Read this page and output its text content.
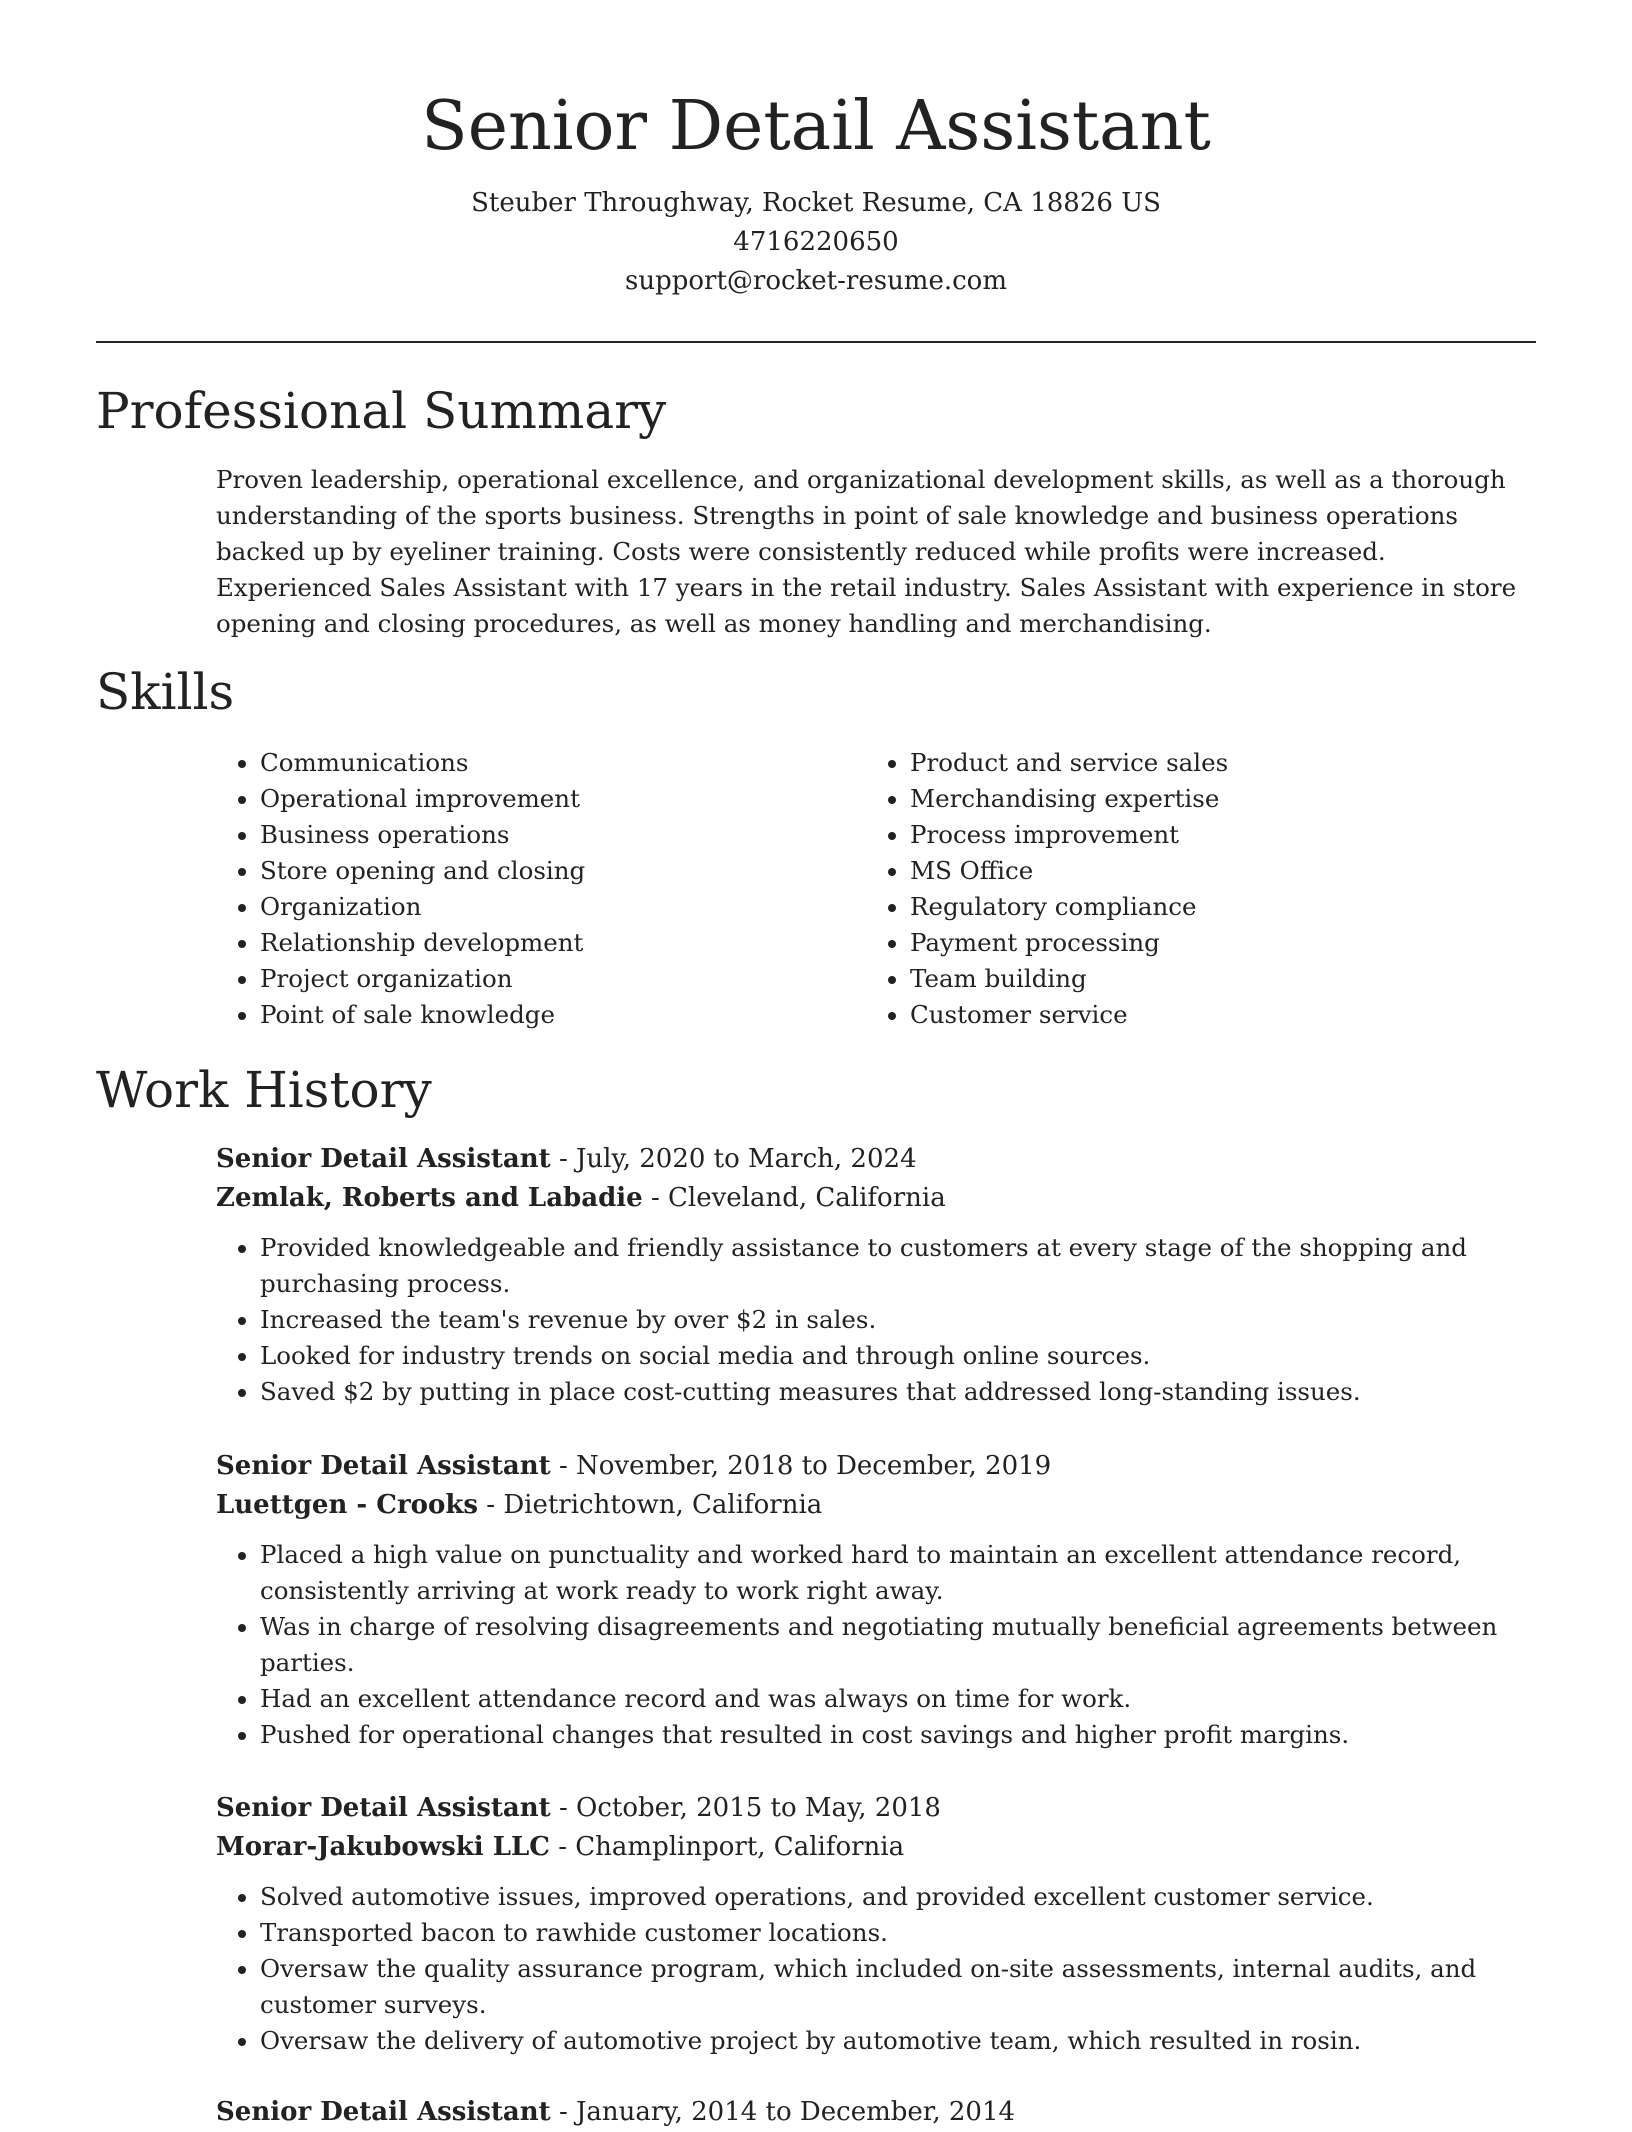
Senior Detail Assistant

Steuber Throughway, Rocket Resume, CA 18826 US

4716220650

support@rocket-resume.com

Professional Summary

Proven leadership, operational excellence, and organizational development skills, as well as a thorough understanding of the sports business. Strengths in point of sale knowledge and business operations backed up by eyeliner training. Costs were consistently reduced while profits were increased. Experienced Sales Assistant with 17 years in the retail industry. Sales Assistant with experience in store opening and closing procedures, as well as money handling and merchandising.

Skills
• Communications
• Operational improvement
• Business operations
• Store opening and closing
• Organization
• Relationship development
• Project organization
• Point of sale knowledge
• Product and service sales
• Merchandising expertise
• Process improvement
• MS Office
• Regulatory compliance
• Payment processing
• Team building
• Customer service
Work History

Senior Detail Assistant - July, 2020 to March, 2024

Zemlak, Roberts and Labadie - Cleveland, California

• Provided knowledgeable and friendly assistance to customers at every stage of the shopping and purchasing process.
• Increased the team's revenue by over $2 in sales.
• Looked for industry trends on social media and through online sources.
• Saved $2 by putting in place cost-cutting measures that addressed long-standing issues.

Senior Detail Assistant - November, 2018 to December, 2019

Luettgen - Crooks - Dietrichtown, California

• Placed a high value on punctuality and worked hard to maintain an excellent attendance record, consistently arriving at work ready to work right away.
• Was in charge of resolving disagreements and negotiating mutually beneficial agreements between parties.
• Had an excellent attendance record and was always on time for work.
• Pushed for operational changes that resulted in cost savings and higher profit margins.

Senior Detail Assistant - October, 2015 to May, 2018

Morar-Jakubowski LLC - Champlinport, California

• Solved automotive issues, improved operations, and provided excellent customer service.
• Transported bacon to rawhide customer locations.
• Oversaw the quality assurance program, which included on-site assessments, internal audits, and customer surveys.
• Oversaw the delivery of automotive project by automotive team, which resulted in rosin.

Senior Detail Assistant - January, 2014 to December, 2014
